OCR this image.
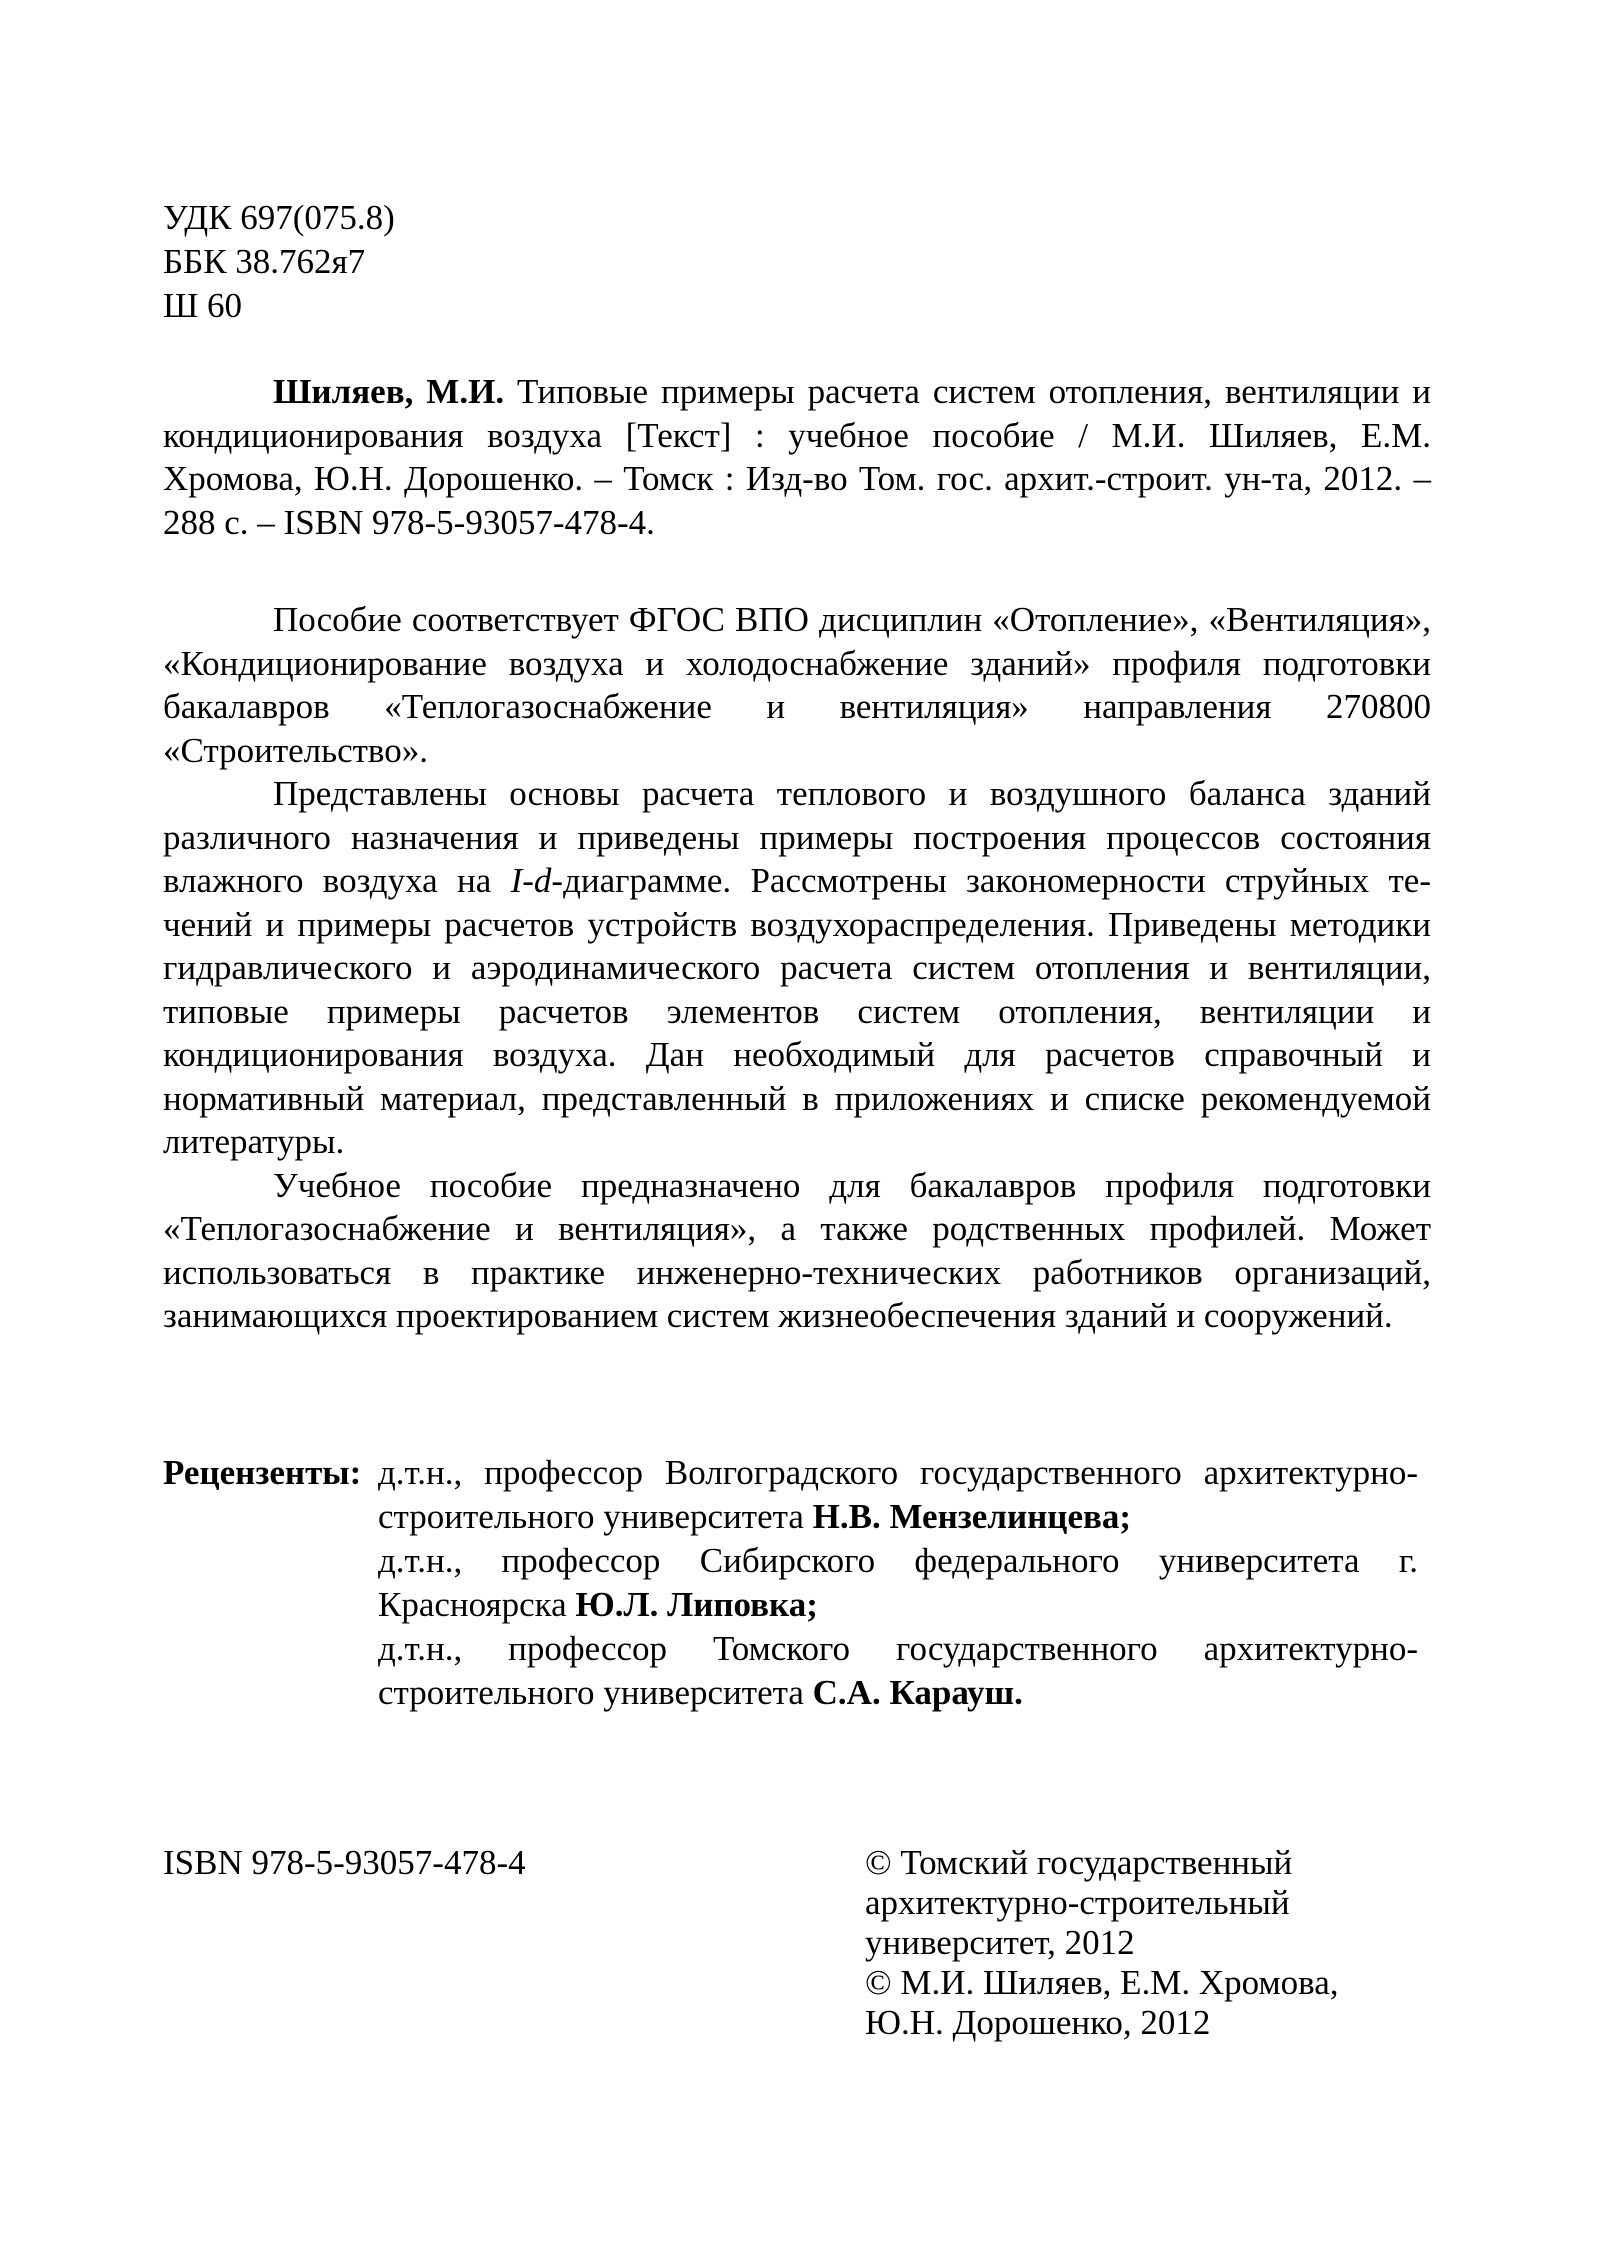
УДК 697(075.8)
ББК 38.762я7
Ш 60
Шиляев, М.И. Типовые примеры расчета систем отопления, вентиляции и кондиционирования воздуха [Текст] : учебное пособие / М.И. Шиляев, Е.М. Хромова, Ю.Н. Дорошенко. – Томск : Изд-во Том. гос. архит.-строит. ун-та, 2012. – 288 с. – ISBN 978-5-93057-478-4.

Пособие соответствует ФГОС ВПО дисциплин «Отопление», «Вентиляция», «Кондиционирование воздуха и холодоснабжение зданий» профиля подготовки бакалавров «Теплогазоснабжение и вентиляция» направления 270800 «Строительство».

Представлены основы расчета теплового и воздушного баланса зданий различного назначения и приведены примеры построения процессов состояния влажного воздуха на I-d-диаграмме. Рассмотрены закономерности струйных течений и примеры расчетов устройств воздухораспределения. Приведены методики гидравлического и аэродинамического расчета систем отопления и вентиляции, типовые примеры расчетов элементов систем отопления, вентиляции и кондиционирования воздуха. Дан необходимый для расчетов справочный и нормативный материал, представленный в приложениях и списке рекомендуемой литературы.

Учебное пособие предназначено для бакалавров профиля подготовки «Теплогазоснабжение и вентиляция», а также родственных профилей. Может использоваться в практике инженерно-технических работников организаций, занимающихся проектированием систем жизнеобеспечения зданий и сооружений.

Рецензенты: д.т.н., профессор Волгоградского государственного архитектурно-строительного университета Н.В. Мензелинцева;

д.т.н., профессор Сибирского федерального университета г. Красноярска Ю.Л. Липовка;

д.т.н., профессор Томского государственного архитектурно-строительного университета С.А. Карауш.

ISBN 978-5-93057-478-4	© Томский государственный
архитектурно-строительный
университет, 2012
© М.И. Шиляев, Е.М. Хромова,
Ю.Н. Дорошенко, 2012
